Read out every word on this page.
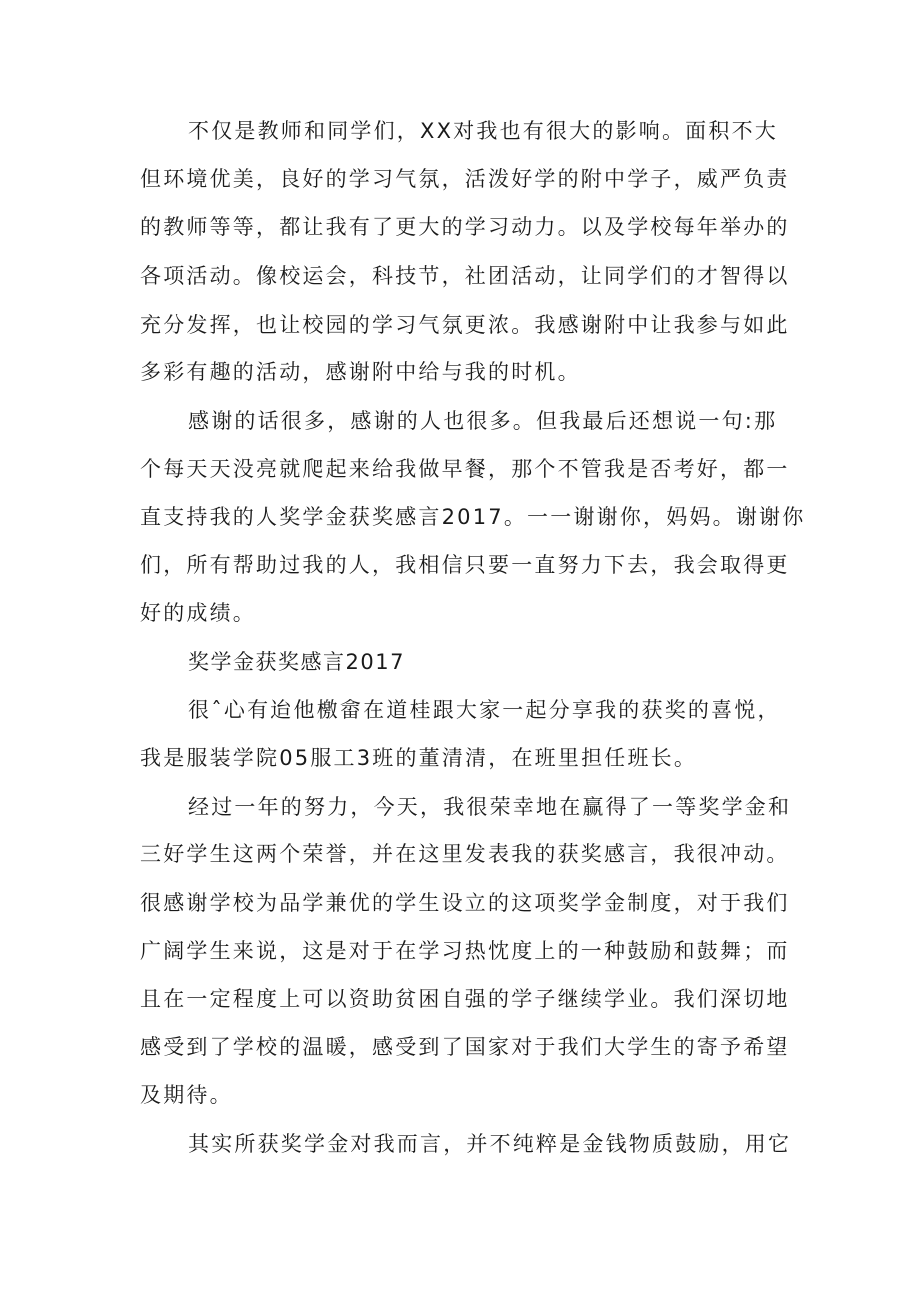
不仅是教师和同学们，XX对我也有很大的影响。面积不大
但环境优美，良好的学习气氛，活泼好学的附中学子，威严负责
的教师等等，都让我有了更大的学习动力。以及学校每年举办的
各项活动。像校运会，科技节，社团活动，让同学们的才智得以
充分发挥，也让校园的学习气氛更浓。我感谢附中让我参与如此
多彩有趣的活动，感谢附中给与我的时机。
感谢的话很多，感谢的人也很多。但我最后还想说一句:那
个每天天没亮就爬起来给我做早餐，那个不管我是否考好，都一
直支持我的人奖学金获奖感言2017。一一谢谢你，妈妈。谢谢你
们，所有帮助过我的人，我相信只要一直努力下去，我会取得更
好的成绩。
奖学金获奖感言2017
很ˆ心有迨他檄畲在道桂跟大家一起分享我的获奖的喜悦，
我是服装学院05服工3班的董清清，在班里担任班长。
经过一年的努力，今天，我很荣幸地在赢得了一等奖学金和
三好学生这两个荣誉，并在这里发表我的获奖感言，我很冲动。
很感谢学校为品学兼优的学生设立的这项奖学金制度，对于我们
广阔学生来说，这是对于在学习热忱度上的一种鼓励和鼓舞；而
且在一定程度上可以资助贫困自强的学子继续学业。我们深切地
感受到了学校的温暖，感受到了国家对于我们大学生的寄予希望
及期待。
其实所获奖学金对我而言，并不纯粹是金钱物质鼓励，用它
